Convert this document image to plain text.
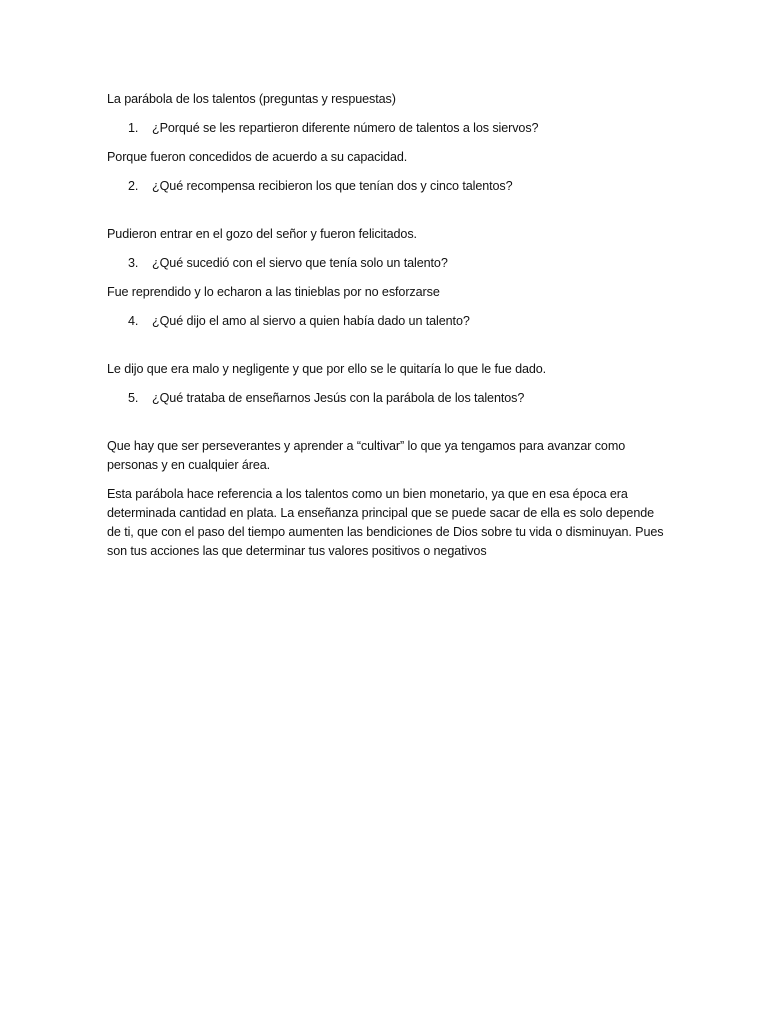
La parábola de los talentos (preguntas y respuestas)

1. ¿Porqué se les repartieron diferente número de talentos a los siervos?

Porque fueron concedidos de acuerdo a su capacidad.

2. ¿Qué recompensa recibieron los que tenían dos y cinco talentos?

Pudieron entrar en el gozo del señor y fueron felicitados.

3. ¿Qué sucedió con el siervo que tenía solo un talento?

Fue reprendido y lo echaron a las tinieblas por no esforzarse

4. ¿Qué dijo el amo al siervo a quien había dado un talento?

Le dijo que era malo y negligente y que por ello se le quitaría lo que le fue dado.

5. ¿Qué trataba de enseñarnos Jesús con la parábola de los talentos?

Que hay que ser perseverantes y aprender a “cultivar” lo que ya tengamos para avanzar como personas y en cualquier área.

Esta parábola hace referencia a los talentos como un bien monetario, ya que en esa época era determinada cantidad en plata. La enseñanza principal que se puede sacar de ella es solo depende de ti, que con el paso del tiempo aumenten las bendiciones de Dios sobre tu vida o disminuyan. Pues son tus acciones las que determinar tus valores positivos o negativos
